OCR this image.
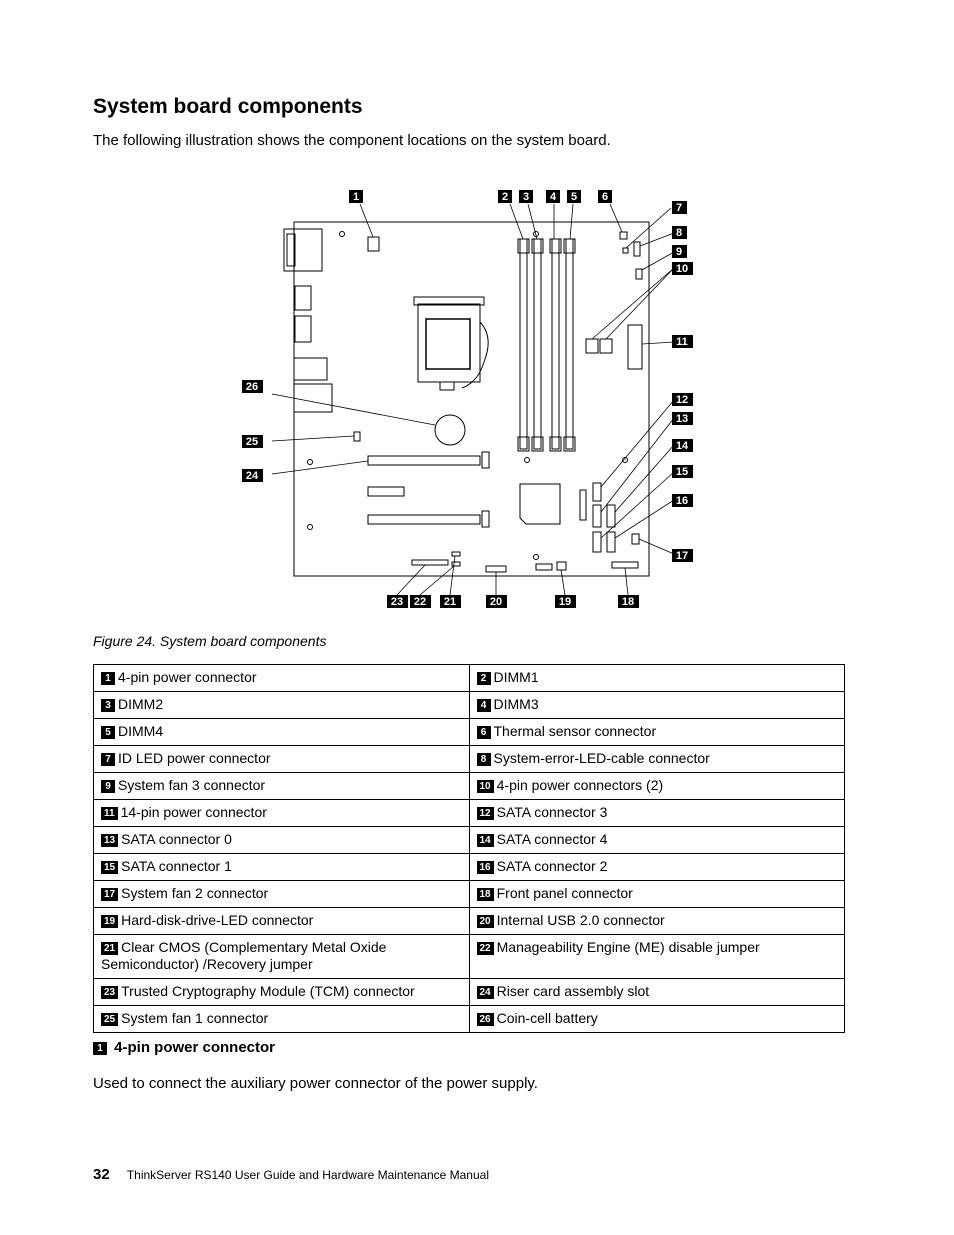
System board components

The following illustration shows the component locations on the system board.

1	2 3 4 5 6
7
8
9
10
11
12
13
14
15
16
17
18
19
20
21
22
23
24
25
26

Figure 24. System board components

1 4-pin power connector	2 DIMM1
3 DIMM2	4 DIMM3
5 DIMM4	6 Thermal sensor connector
7 ID LED power connector	8 System-error-LED-cable connector
9 System fan 3 connector	10 4-pin power connectors (2)
11 14-pin power connector	12 SATA connector 3
13 SATA connector 0	14 SATA connector 4
15 SATA connector 1	16 SATA connector 2
17 System fan 2 connector	18 Front panel connector
19 Hard-disk-drive-LED connector	20 Internal USB 2.0 connector
21 Clear CMOS (Complementary Metal Oxide Semiconductor) /Recovery jumper	22 Manageability Engine (ME) disable jumper
23 Trusted Cryptography Module (TCM) connector	24 Riser card assembly slot
25 System fan 1 connector	26 Coin-cell battery

1 4-pin power connector

Used to connect the auxiliary power connector of the power supply.

32 ThinkServer RS140 User Guide and Hardware Maintenance Manual
